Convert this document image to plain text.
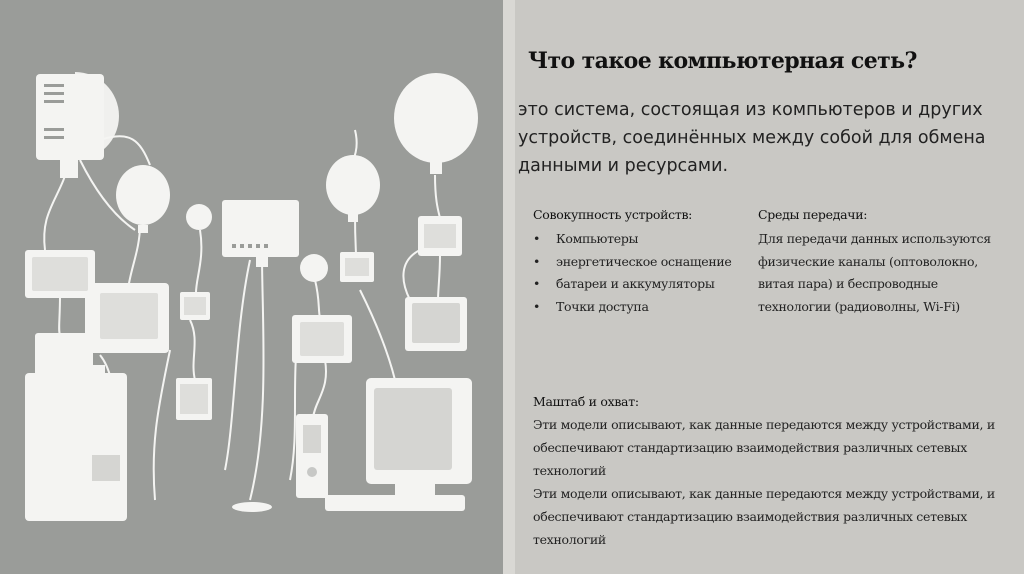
Что такое компьютерная сеть?

это система, состоящая из компьютеров и других устройств, соединённых между собой для обмена данными и ресурсами.

Совокупность устройств:
• Компьютеры
• энергетическое оснащение
• батареи и аккумуляторы
• Точки доступа
Среды передачи:
Для передачи данных используются физические каналы (оптоволокно, витая пара) и беспроводные технологии (радиоволны, Wi-Fi)
Маштаб и охват:
Эти модели описывают, как данные передаются между устройствами, и обеспечивают стандартизацию взаимодействия различных сетевых технологий
Эти модели описывают, как данные передаются между устройствами, и обеспечивают стандартизацию взаимодействия различных сетевых технологий
